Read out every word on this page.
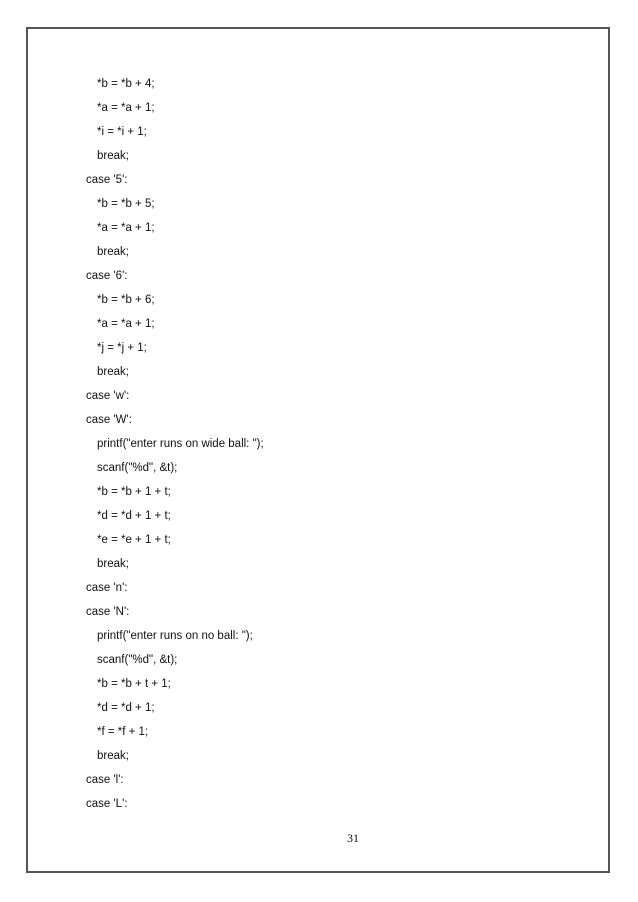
*b = *b + 4;
*a = *a + 1;
*i = *i + 1;
break;
case '5':
*b = *b + 5;
*a = *a + 1;
break;
case '6':
*b = *b + 6;
*a = *a + 1;
*j = *j + 1;
break;
case 'w':
case 'W':
printf("enter runs on wide ball: ");
scanf("%d", &t);
*b = *b + 1 + t;
*d = *d + 1 + t;
*e = *e + 1 + t;
break;
case 'n':
case 'N':
printf("enter runs on no ball: ");
scanf("%d", &t);
*b = *b + t + 1;
*d = *d + 1;
*f = *f + 1;
break;
case 'l':
case 'L':
31
